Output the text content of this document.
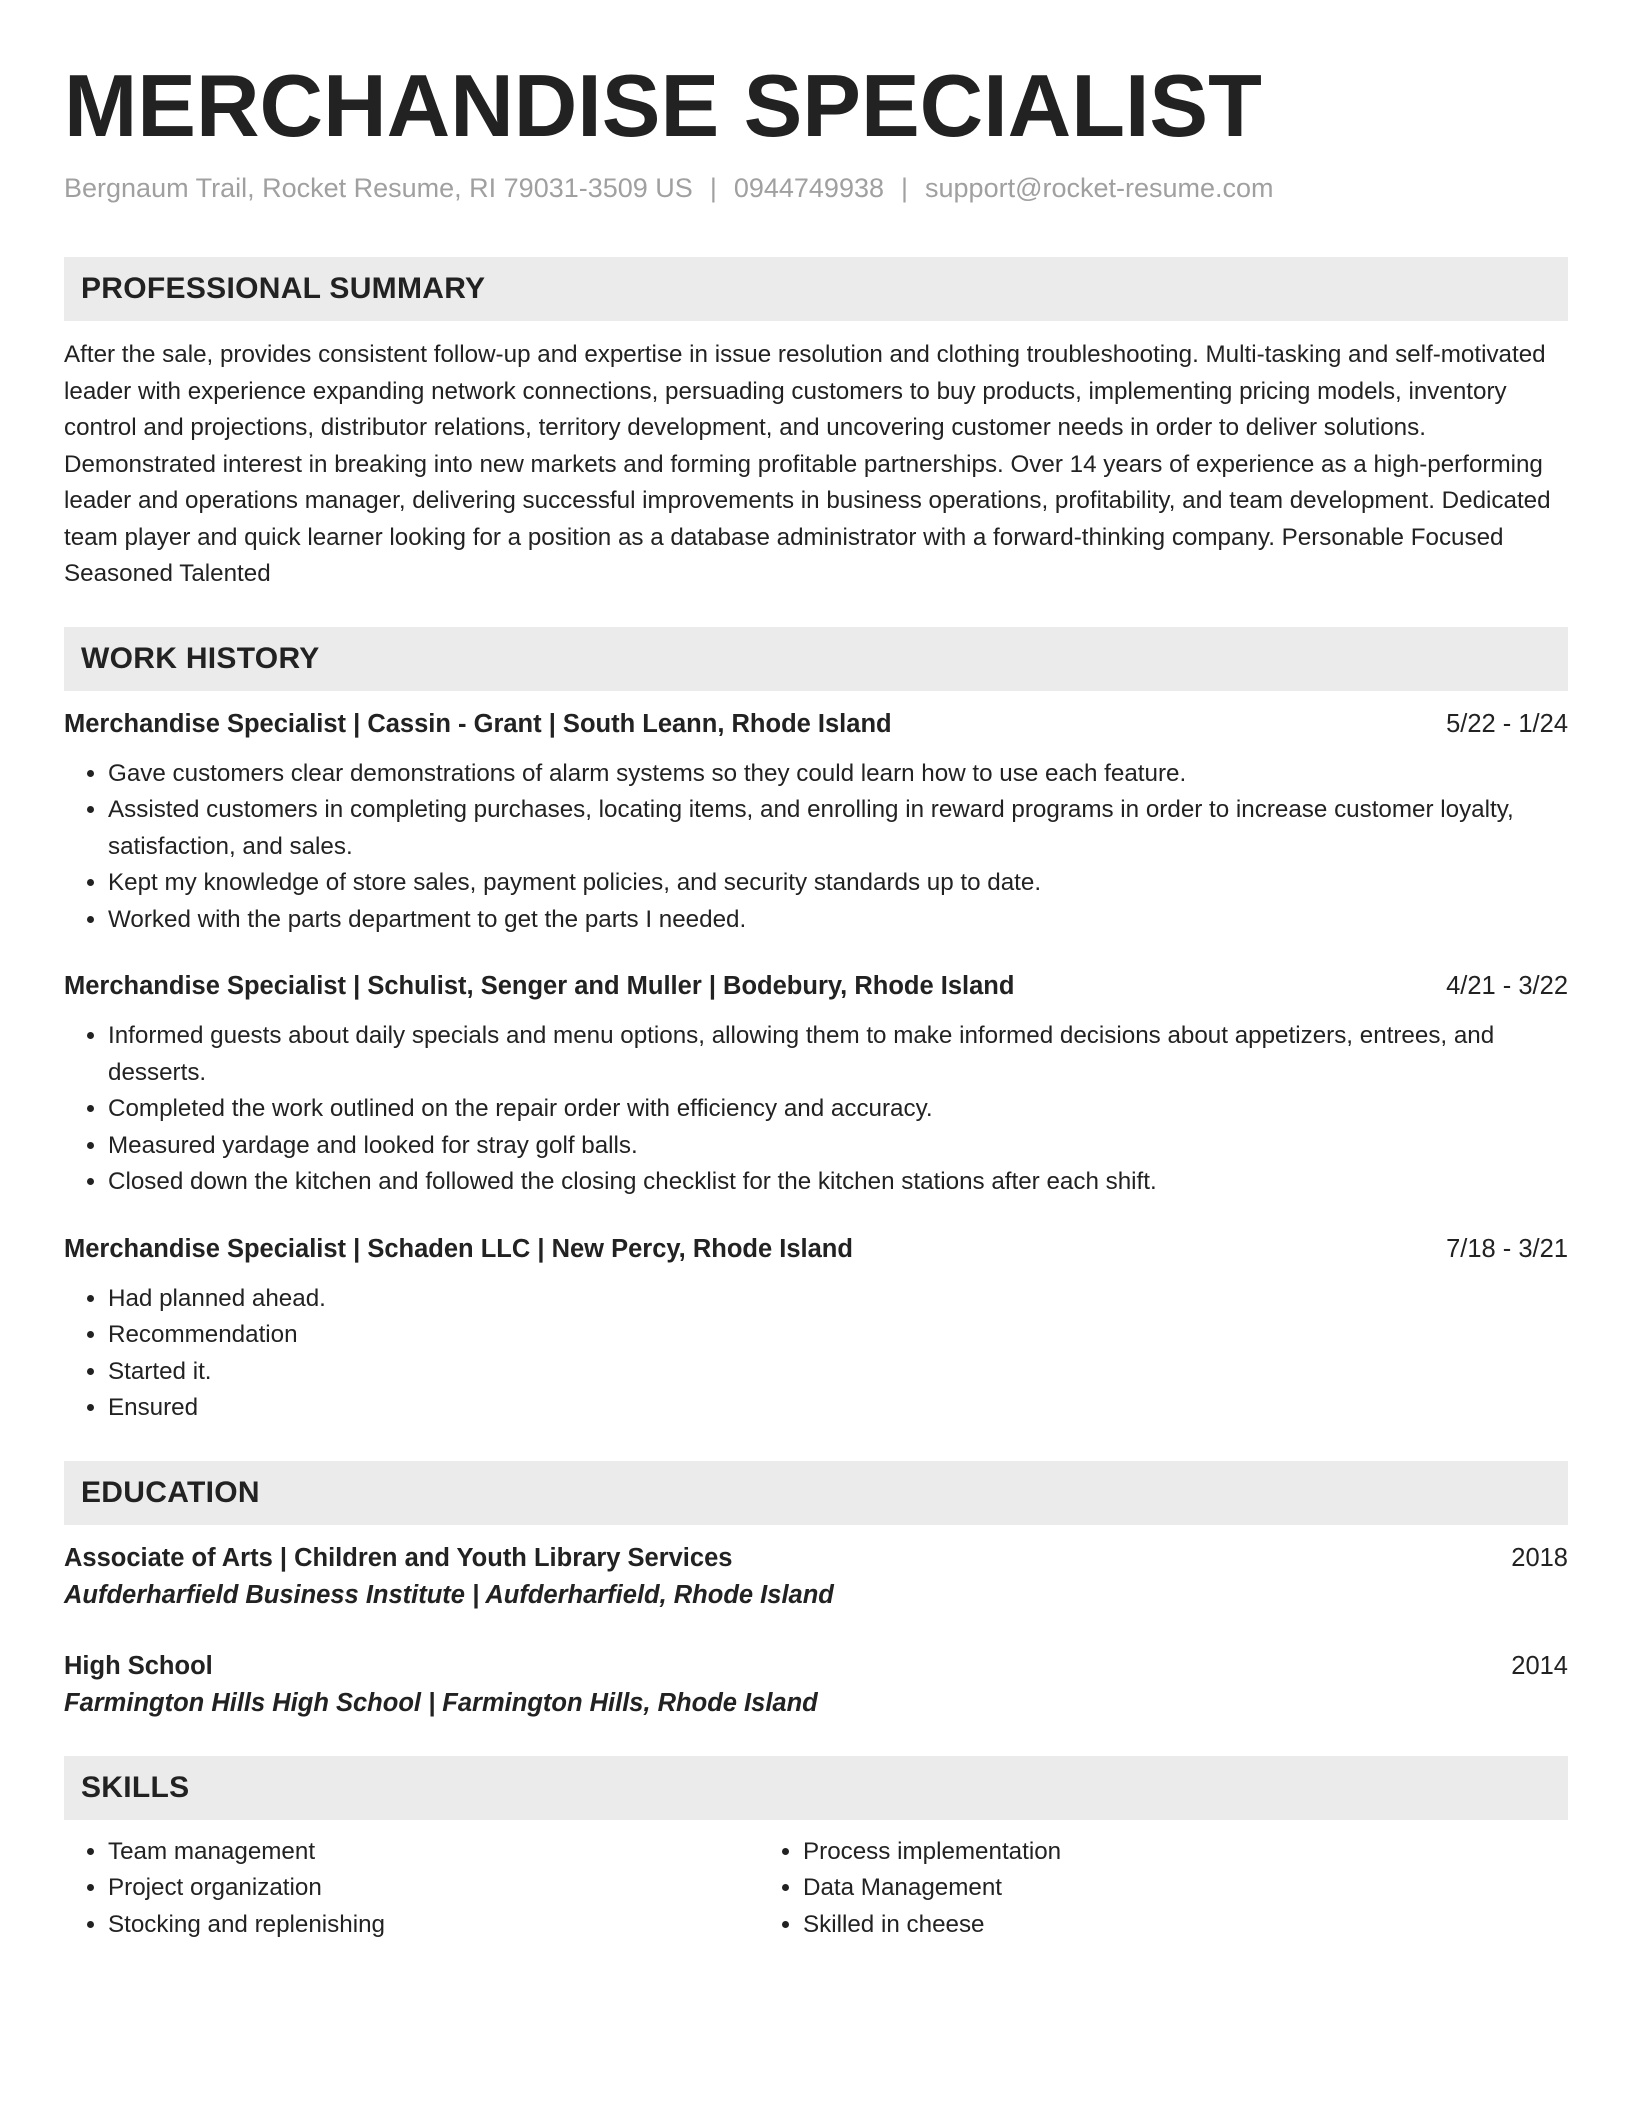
MERCHANDISE SPECIALIST
Bergnaum Trail, Rocket Resume, RI 79031-3509 US | 0944749938 | support@rocket-resume.com
PROFESSIONAL SUMMARY

After the sale, provides consistent follow-up and expertise in issue resolution and clothing troubleshooting. Multi-tasking and self-motivated leader with experience expanding network connections, persuading customers to buy products, implementing pricing models, inventory control and projections, distributor relations, territory development, and uncovering customer needs in order to deliver solutions. Demonstrated interest in breaking into new markets and forming profitable partnerships. Over 14 years of experience as a high-performing leader and operations manager, delivering successful improvements in business operations, profitability, and team development. Dedicated team player and quick learner looking for a position as a database administrator with a forward-thinking company. Personable Focused Seasoned Talented

WORK HISTORY
Merchandise Specialist | Cassin - Grant | South Leann, Rhode Island	5/22 - 1/24
• Gave customers clear demonstrations of alarm systems so they could learn how to use each feature.
• Assisted customers in completing purchases, locating items, and enrolling in reward programs in order to increase customer loyalty, satisfaction, and sales.
• Kept my knowledge of store sales, payment policies, and security standards up to date.
• Worked with the parts department to get the parts I needed.
Merchandise Specialist | Schulist, Senger and Muller | Bodebury, Rhode Island	4/21 - 3/22
• Informed guests about daily specials and menu options, allowing them to make informed decisions about appetizers, entrees, and desserts.
• Completed the work outlined on the repair order with efficiency and accuracy.
• Measured yardage and looked for stray golf balls.
• Closed down the kitchen and followed the closing checklist for the kitchen stations after each shift.
Merchandise Specialist | Schaden LLC | New Percy, Rhode Island	7/18 - 3/21
• Had planned ahead.
• Recommendation
• Started it.
• Ensured
EDUCATION
Associate of Arts | Children and Youth Library Services	2018
Aufderharfield Business Institute | Aufderharfield, Rhode Island
High School	2014
Farmington Hills High School | Farmington Hills, Rhode Island
SKILLS
• Team management
• Project organization
• Stocking and replenishing
• Process implementation
• Data Management
• Skilled in cheese
